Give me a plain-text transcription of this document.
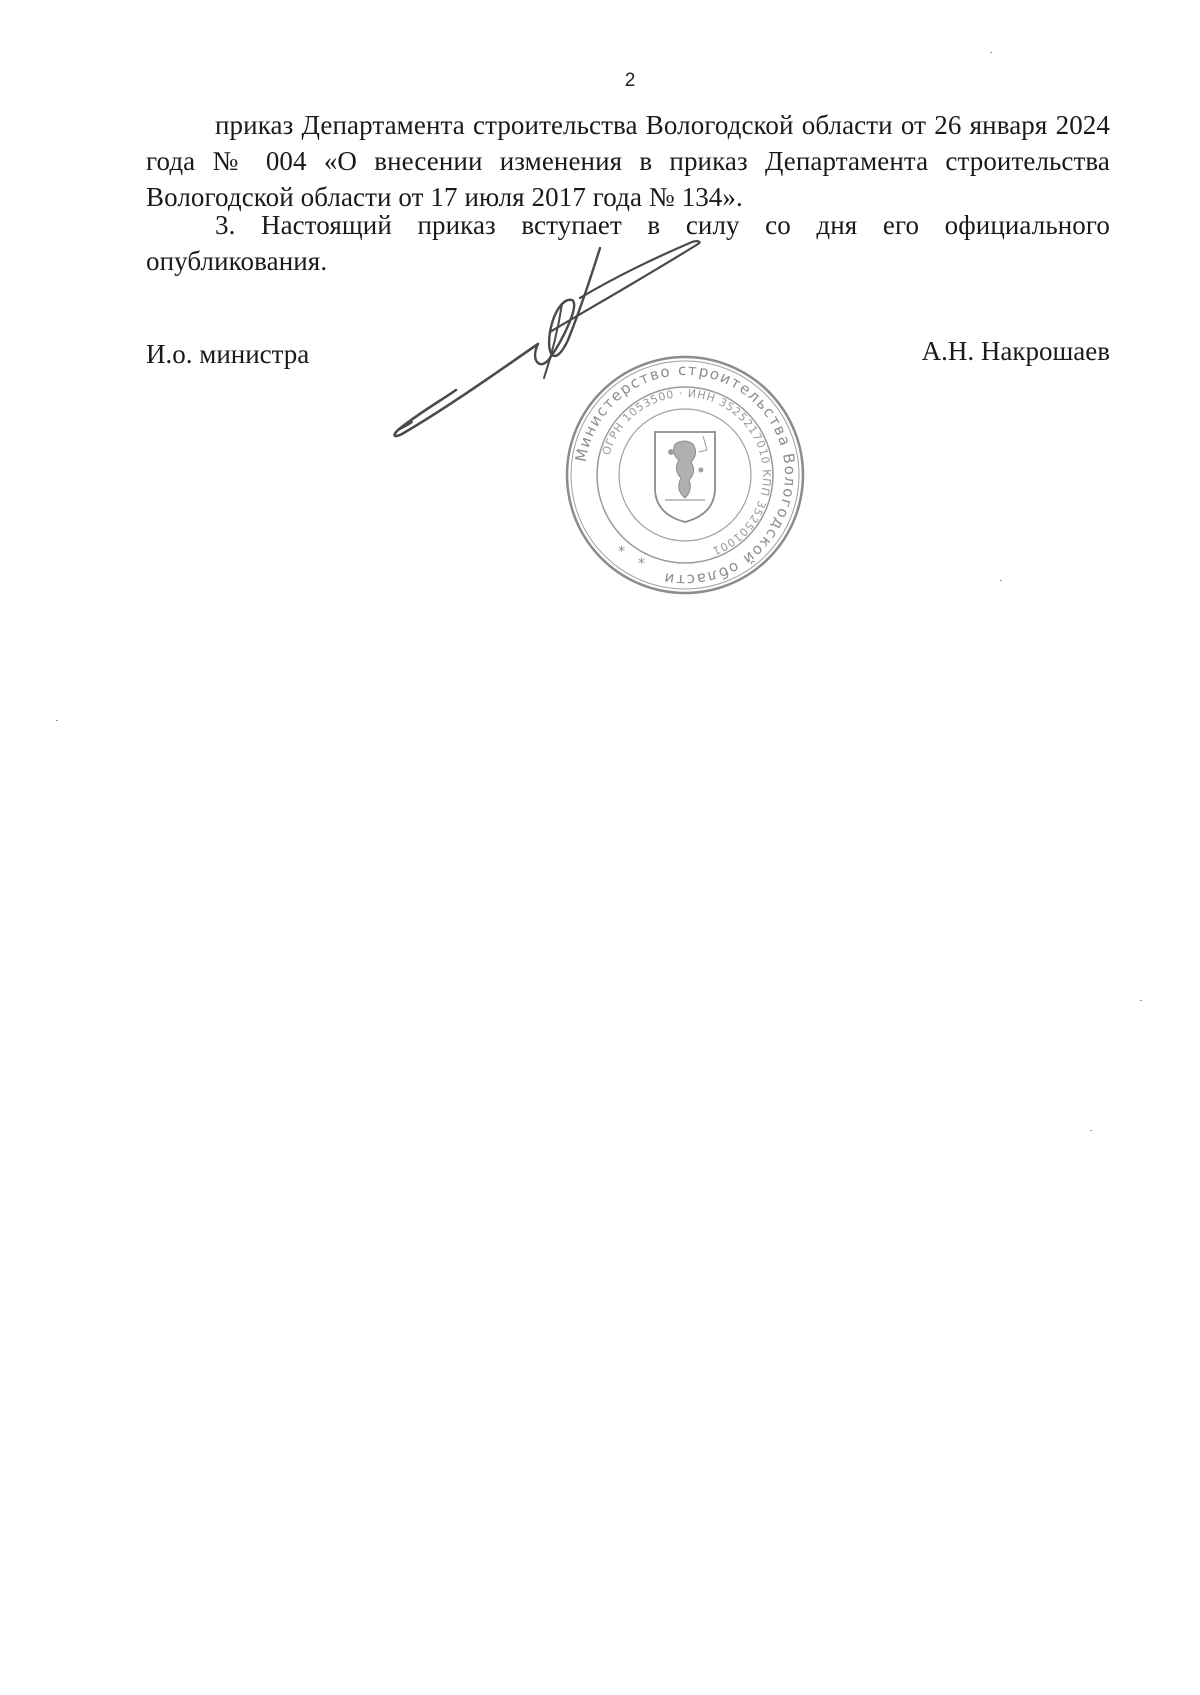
2

приказ Департамента строительства Вологодской области от 26 января 2024 года № 004 «О внесении изменения в приказ Департамента строительства Вологодской области от 17 июля 2017 года № 134».

3. Настоящий приказ вступает в силу со дня его официального опубликования.

И.о. министра	А.Н. Накрошаев
Министерство строительства Вологодской области
ОГРН 1053500 · ИНН 3525217010 КПП 352501001
*
*
